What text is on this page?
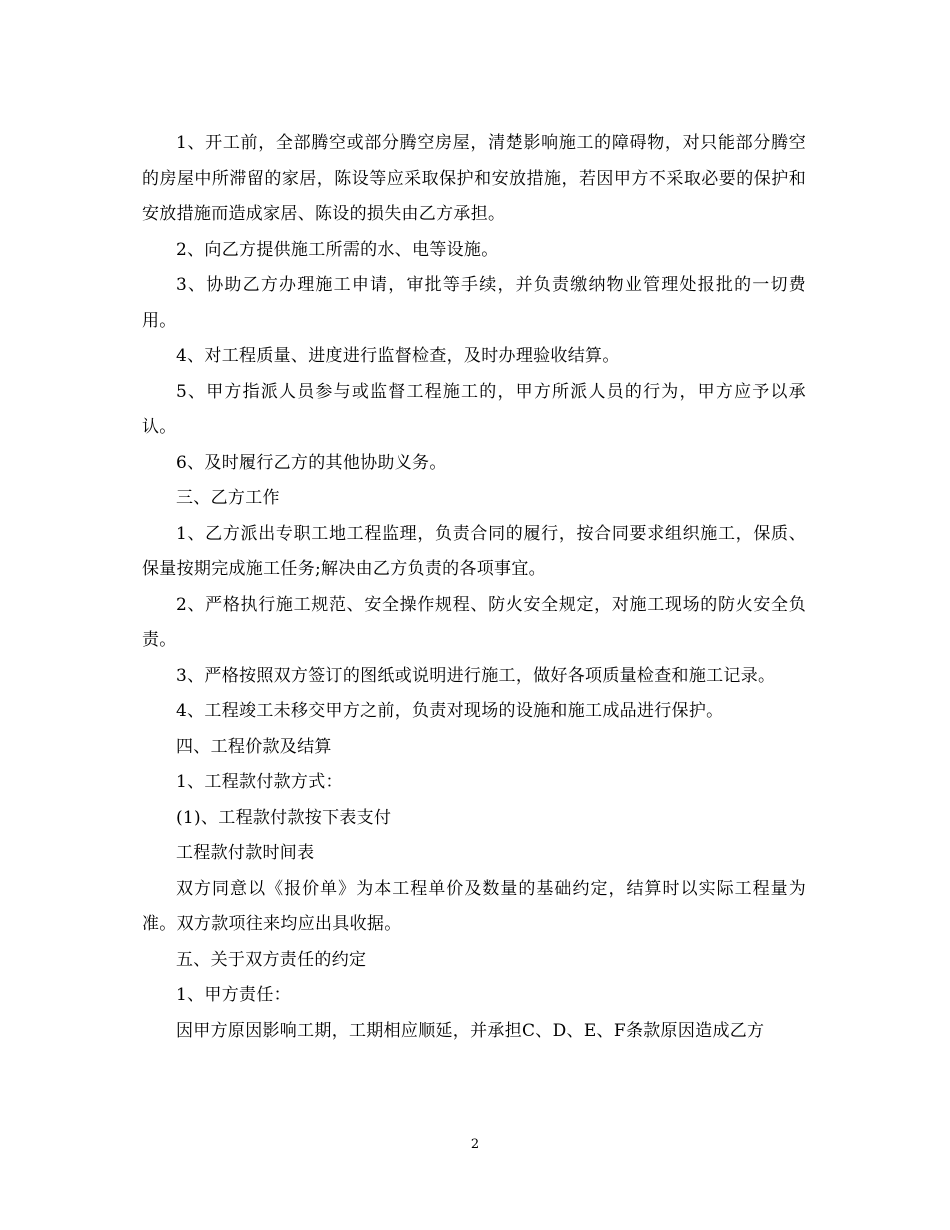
1、开工前，全部腾空或部分腾空房屋，清楚影响施工的障碍物，对只能部分腾空的房屋中所滞留的家居，陈设等应采取保护和安放措施，若因甲方不采取必要的保护和安放措施而造成家居、陈设的损失由乙方承担。

2、向乙方提供施工所需的水、电等设施。

3、协助乙方办理施工申请，审批等手续，并负责缴纳物业管理处报批的一切费用。

4、对工程质量、进度进行监督检查，及时办理验收结算。

5、甲方指派人员参与或监督工程施工的，甲方所派人员的行为，甲方应予以承认。

6、及时履行乙方的其他协助义务。

三、乙方工作

1、乙方派出专职工地工程监理，负责合同的履行，按合同要求组织施工，保质、保量按期完成施工任务;解决由乙方负责的各项事宜。

2、严格执行施工规范、安全操作规程、防火安全规定，对施工现场的防火安全负责。

3、严格按照双方签订的图纸或说明进行施工，做好各项质量检查和施工记录。

4、工程竣工未移交甲方之前，负责对现场的设施和施工成品进行保护。

四、工程价款及结算

1、工程款付款方式：

(1)、工程款付款按下表支付

工程款付款时间表

双方同意以《报价单》为本工程单价及数量的基础约定，结算时以实际工程量为准。双方款项往来均应出具收据。

五、关于双方责任的约定

1、甲方责任：

因甲方原因影响工期，工期相应顺延，并承担C、D、E、F条款原因造成乙方

2
